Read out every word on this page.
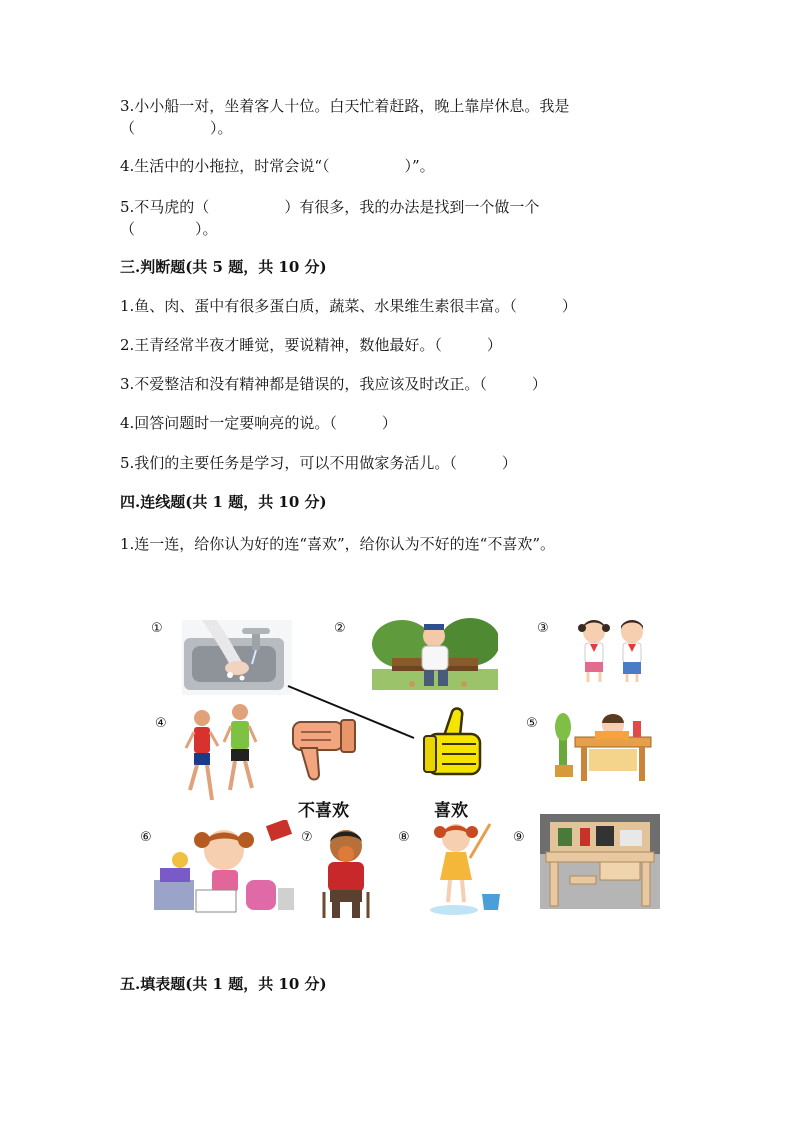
3.小小船一对，坐着客人十位。白天忙着赶路，晚上靠岸休息。我是
（　　　　　）。
4.生活中的小拖拉，时常会说“（　　　　　）”。
5.不马虎的（　　　　　）有很多，我的办法是找到一个做一个
（　　　　）。
三.判断题(共 5 题，共 10 分)
1.鱼、肉、蛋中有很多蛋白质，蔬菜、水果维生素很丰富。（　　　）
2.王青经常半夜才睡觉，要说精神，数他最好。（　　　）
3.不爱整洁和没有精神都是错误的，我应该及时改正。（　　　）
4.回答问题时一定要响亮的说。（　　　）
5.我们的主要任务是学习，可以不用做家务活儿。（　　　）
四.连线题(共 1 题，共 10 分)
1.连一连，给你认为好的连“喜欢”，给你认为不好的连“不喜欢”。
①	②	③
④	⑤
⑥	⑦	⑧	⑨
不喜欢	喜欢
五.填表题(共 1 题，共 10 分)
